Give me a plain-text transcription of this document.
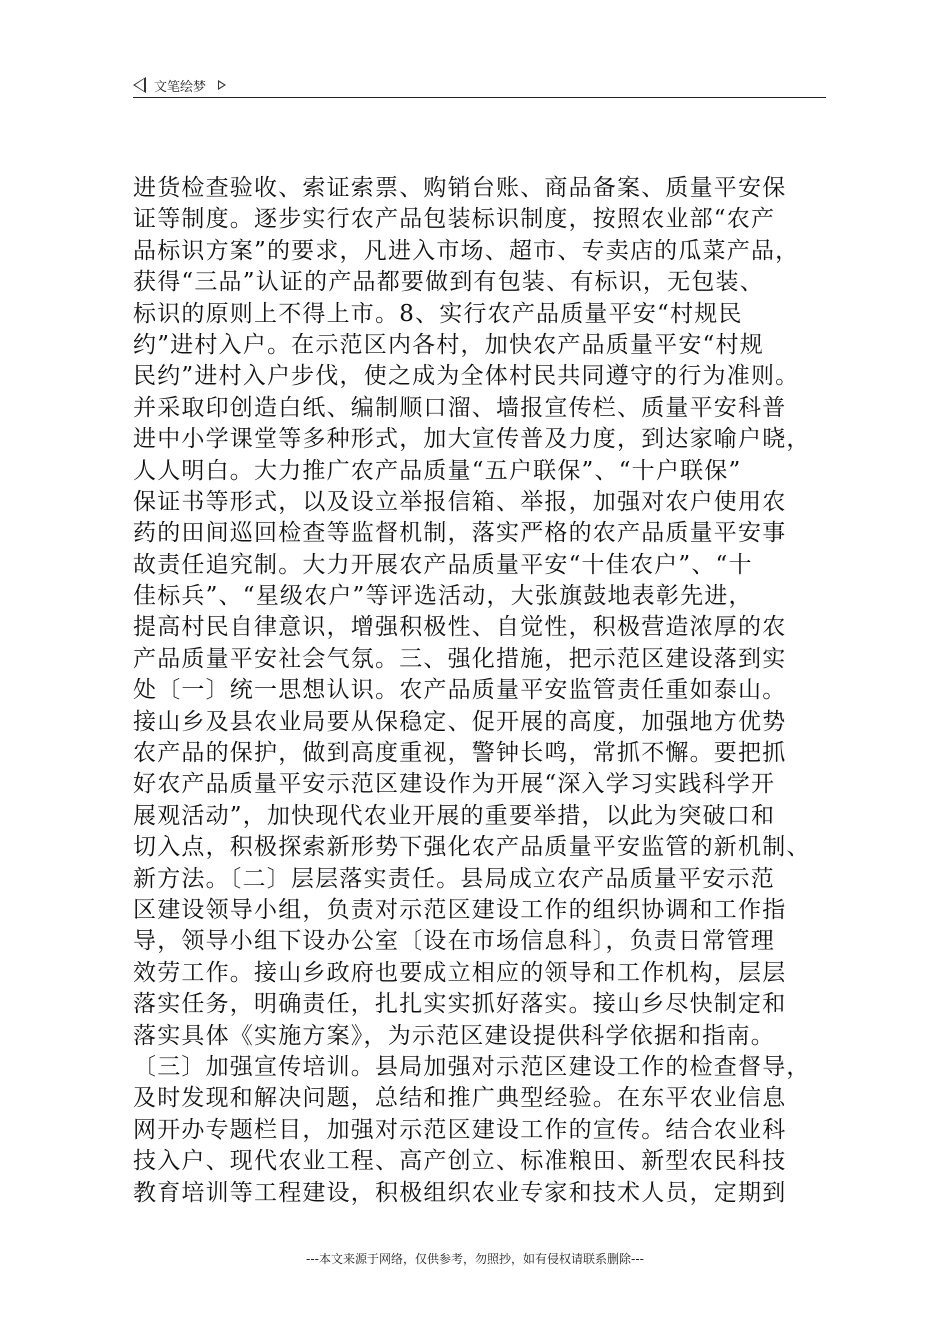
文笔绘梦
进货检查验收、索证索票、购销台账、商品备案、质量平安保
证等制度。逐步实行农产品包装标识制度，按照农业部“农产
品标识方案”的要求，凡进入市场、超市、专卖店的瓜菜产品，
获得“三品”认证的产品都要做到有包装、有标识，无包装、
标识的原则上不得上市。8、实行农产品质量平安“村规民
约”进村入户。在示范区内各村，加快农产品质量平安“村规
民约”进村入户步伐，使之成为全体村民共同遵守的行为准则。
并采取印创造白纸、编制顺口溜、墙报宣传栏、质量平安科普
进中小学课堂等多种形式，加大宣传普及力度，到达家喻户晓，
人人明白。大力推广农产品质量“五户联保”、“十户联保”
保证书等形式，以及设立举报信箱、举报，加强对农户使用农
药的田间巡回检查等监督机制，落实严格的农产品质量平安事
故责任追究制。大力开展农产品质量平安“十佳农户”、“十
佳标兵”、“星级农户”等评选活动，大张旗鼓地表彰先进，
提高村民自律意识，增强积极性、自觉性，积极营造浓厚的农
产品质量平安社会气氛。三、强化措施，把示范区建设落到实
处〔一〕统一思想认识。农产品质量平安监管责任重如泰山。
接山乡及县农业局要从保稳定、促开展的高度，加强地方优势
农产品的保护，做到高度重视，警钟长鸣，常抓不懈。要把抓
好农产品质量平安示范区建设作为开展“深入学习实践科学开
展观活动”，加快现代农业开展的重要举措，以此为突破口和
切入点，积极探索新形势下强化农产品质量平安监管的新机制、
新方法。〔二〕层层落实责任。县局成立农产品质量平安示范
区建设领导小组，负责对示范区建设工作的组织协调和工作指
导，领导小组下设办公室〔设在市场信息科〕，负责日常管理
效劳工作。接山乡政府也要成立相应的领导和工作机构，层层
落实任务，明确责任，扎扎实实抓好落实。接山乡尽快制定和
落实具体《实施方案》，为示范区建设提供科学依据和指南。
〔三〕加强宣传培训。县局加强对示范区建设工作的检查督导，
及时发现和解决问题，总结和推广典型经验。在东平农业信息
网开办专题栏目，加强对示范区建设工作的宣传。结合农业科
技入户、现代农业工程、高产创立、标准粮田、新型农民科技
教育培训等工程建设，积极组织农业专家和技术人员，定期到
---本文来源于网络，仅供参考，勿照抄，如有侵权请联系删除---
